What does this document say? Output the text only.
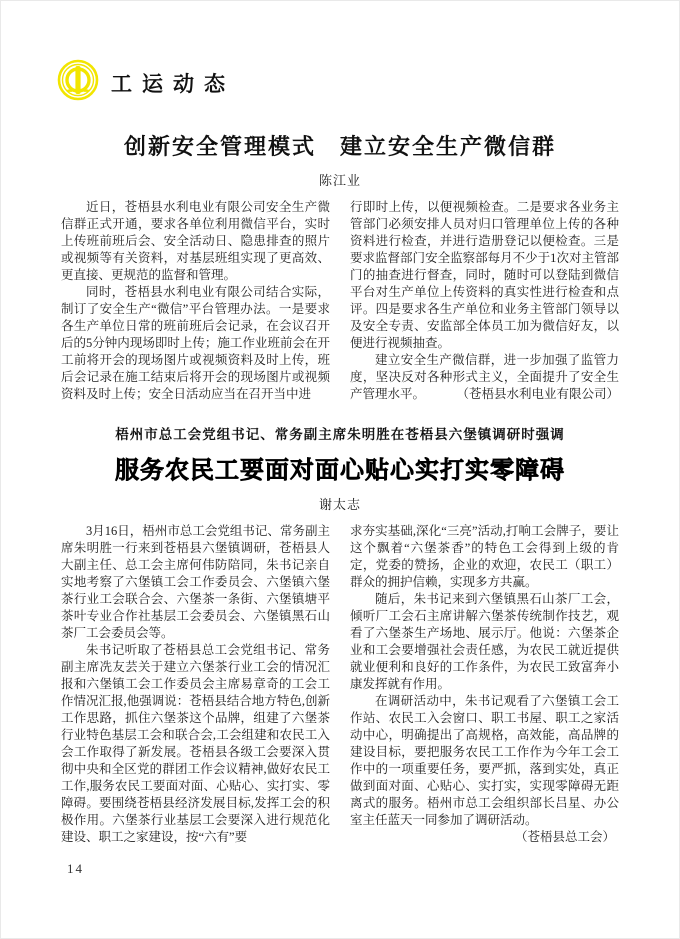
工运动态
创新安全管理模式　建立安全生产微信群
陈江业

近日，苍梧县水利电业有限公司安全生产微信群正式开通，要求各单位利用微信平台，实时上传班前班后会、安全活动日、隐患排查的照片或视频等有关资料，对基层班组实现了更高效、更直接、更规范的监督和管理。

同时，苍梧县水利电业有限公司结合实际，制订了安全生产“微信”平台管理办法。一是要求各生产单位日常的班前班后会记录，在会议召开后的5分钟内现场即时上传；施工作业班前会在开工前将开会的现场图片或视频资料及时上传，班后会记录在施工结束后将开会的现场图片或视频资料及时上传；安全日活动应当在召开当中进

行即时上传，以便视频检查。二是要求各业务主管部门必须安排人员对归口管理单位上传的各种资料进行检查，并进行造册登记以便检查。三是要求监督部门安全监察部每月不少于1次对主管部门的抽查进行督查，同时，随时可以登陆到微信平台对生产单位上传资料的真实性进行检查和点评。四是要求各生产单位和业务主管部门领导以及安全专责、安监部全体员工加为微信好友，以便进行视频抽查。

建立安全生产微信群，进一步加强了监管力度，坚决反对各种形式主义，全面提升了安全生产管理水平。	（苍梧县水利电业有限公司）

梧州市总工会党组书记、常务副主席朱明胜在苍梧县六堡镇调研时强调
服务农民工要面对面心贴心实打实零障碍
谢太志

3月16日，梧州市总工会党组书记、常务副主席朱明胜一行来到苍梧县六堡镇调研，苍梧县人大副主任、总工会主席何伟防陪同，朱书记亲自实地考察了六堡镇工会工作委员会、六堡镇六堡茶行业工会联合会、六堡茶一条街、六堡镇塘平茶叶专业合作社基层工会委员会、六堡镇黑石山茶厂工会委员会等。

朱书记听取了苍梧县总工会党组书记、常务副主席冼友芸关于建立六堡茶行业工会的情况汇报和六堡镇工会工作委员会主席易章奇的工会工作情况汇报,他强调说：苍梧县结合地方特色,创新工作思路，抓住六堡茶这个品牌，组建了六堡茶行业特色基层工会和联合会,工会组建和农民工入会工作取得了新发展。苍梧县各级工会要深入贯彻中央和全区党的群团工作会议精神,做好农民工工作,服务农民工要面对面、心贴心、实打实、零障碍。要围绕苍梧县经济发展目标,发挥工会的积极作用。六堡茶行业基层工会要深入进行规范化建设、职工之家建设，按“六有”要

求夯实基础,深化“三亮”活动,打响工会牌子，要让这个飘着“六堡茶香”的特色工会得到上级的肯定，党委的赞扬，企业的欢迎，农民工（职工）群众的拥护信赖，实现多方共赢。

随后，朱书记来到六堡镇黑石山茶厂工会，倾听厂工会石主席讲解六堡茶传统制作技艺，观看了六堡茶生产场地、展示厅。他说：六堡茶企业和工会要增强社会责任感，为农民工就近提供就业便利和良好的工作条件，为农民工致富奔小康发挥就有作用。

在调研活动中，朱书记观看了六堡镇工会工作站、农民工入会窗口、职工书屋、职工之家活动中心，明确提出了高规格，高效能，高品牌的建设目标，要把服务农民工工作作为今年工会工作中的一项重要任务，要严抓，落到实处，真正做到面对面、心贴心、实打实，实现零障碍无距离式的服务。梧州市总工会组织部长吕星、办公室主任蓝天一同参加了调研活动。

（苍梧县总工会）

14
